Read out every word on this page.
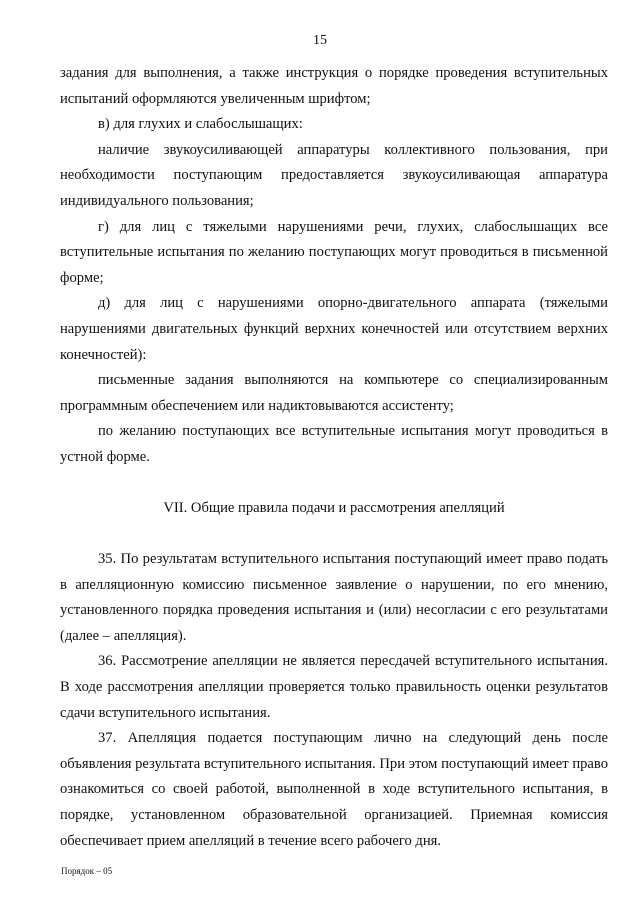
15

задания для выполнения, а также инструкция о порядке проведения вступительных испытаний оформляются увеличенным шрифтом;

в) для глухих и слабослышащих:

наличие звукоусиливающей аппаратуры коллективного пользования, при необходимости поступающим предоставляется звукоусиливающая аппаратура индивидуального пользования;

г) для лиц с тяжелыми нарушениями речи, глухих, слабослышащих все вступительные испытания по желанию поступающих могут проводиться в письменной форме;

д) для лиц с нарушениями опорно-двигательного аппарата (тяжелыми нарушениями двигательных функций верхних конечностей или отсутствием верхних конечностей):

письменные задания выполняются на компьютере со специализированным программным обеспечением или надиктовываются ассистенту;

по желанию поступающих все вступительные испытания могут проводиться в устной форме.

VII. Общие правила подачи и рассмотрения апелляций

35. По результатам вступительного испытания поступающий имеет право подать в апелляционную комиссию письменное заявление о нарушении, по его мнению, установленного порядка проведения испытания и (или) несогласии с его результатами (далее – апелляция).

36. Рассмотрение апелляции не является пересдачей вступительного испытания. В ходе рассмотрения апелляции проверяется только правильность оценки результатов сдачи вступительного испытания.

37. Апелляция подается поступающим лично на следующий день после объявления результата вступительного испытания. При этом поступающий имеет право ознакомиться со своей работой, выполненной в ходе вступительного испытания, в порядке, установленном образовательной организацией. Приемная комиссия обеспечивает прием апелляций в течение всего рабочего дня.

Порядок – 05
